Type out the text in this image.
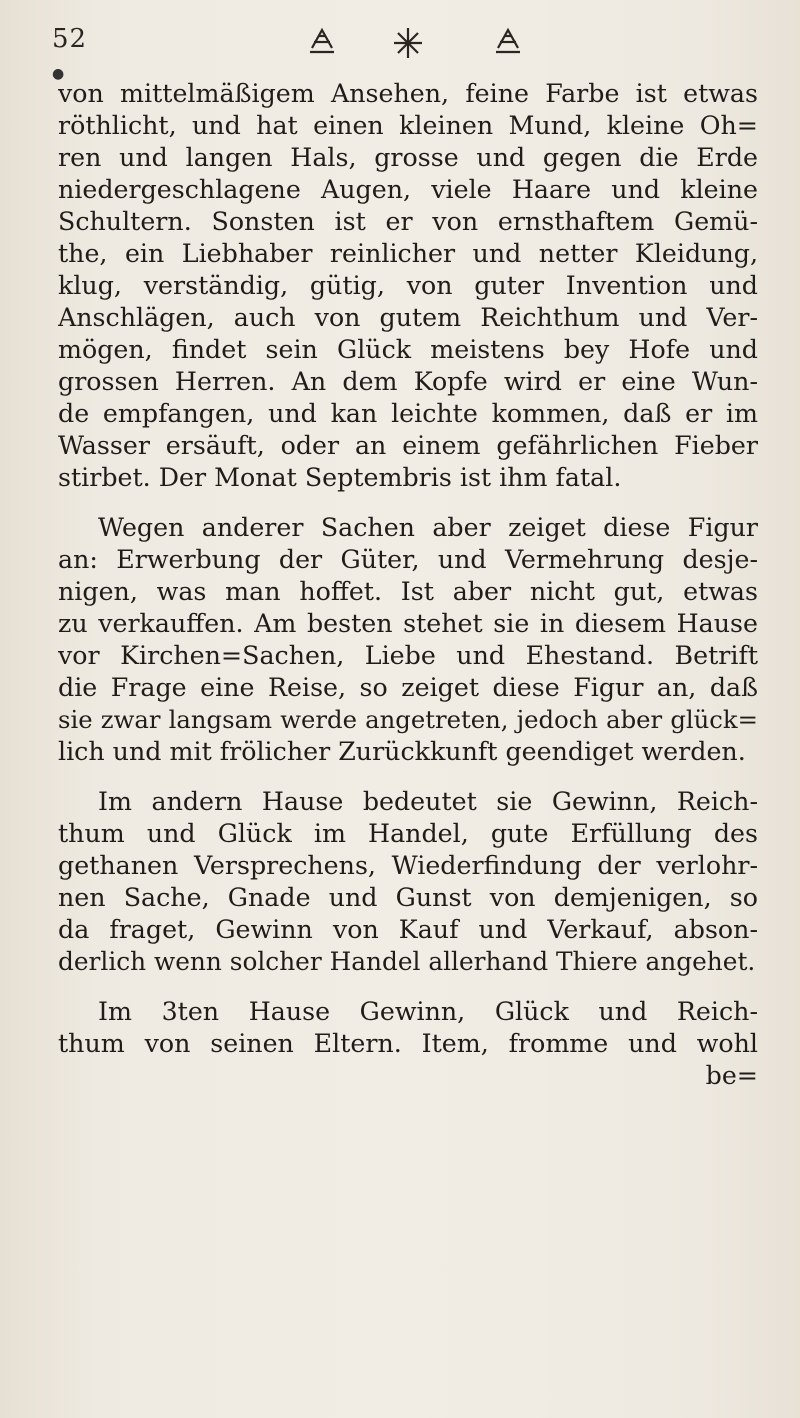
52
●

von mittelmäßigem Ansehen, feine Farbe ist etwas
röthlicht, und hat einen kleinen Mund, kleine Oh=
ren und langen Hals, grosse und gegen die Erde
niedergeschlagene Augen, viele Haare und kleine
Schultern. Sonsten ist er von ernsthaftem Gemü-
the, ein Liebhaber reinlicher und netter Kleidung,
klug, verständig, gütig, von guter Invention und
Anschlägen, auch von gutem Reichthum und Ver-
mögen, findet sein Glück meistens bey Hofe und
grossen Herren. An dem Kopfe wird er eine Wun-
de empfangen, und kan leichte kommen, daß er im
Wasser ersäuft, oder an einem gefährlichen Fieber
stirbet. Der Monat Septembris ist ihm fatal.

Wegen anderer Sachen aber zeiget diese Figur
an: Erwerbung der Güter, und Vermehrung desje-
nigen, was man hoffet. Ist aber nicht gut, etwas
zu verkauffen. Am besten stehet sie in diesem Hause
vor Kirchen=Sachen, Liebe und Ehestand. Betrift
die Frage eine Reise, so zeiget diese Figur an, daß
sie zwar langsam werde angetreten, jedoch aber glück=
lich und mit frölicher Zurückkunft geendiget werden.

Im andern Hause bedeutet sie Gewinn, Reich-
thum und Glück im Handel, gute Erfüllung des
gethanen Versprechens, Wiederfindung der verlohr-
nen Sache, Gnade und Gunst von demjenigen, so
da fraget, Gewinn von Kauf und Verkauf, abson-
derlich wenn solcher Handel allerhand Thiere angehet.

Im 3ten Hause Gewinn, Glück und Reich-
thum von seinen Eltern. Item, fromme und wohl
be=
